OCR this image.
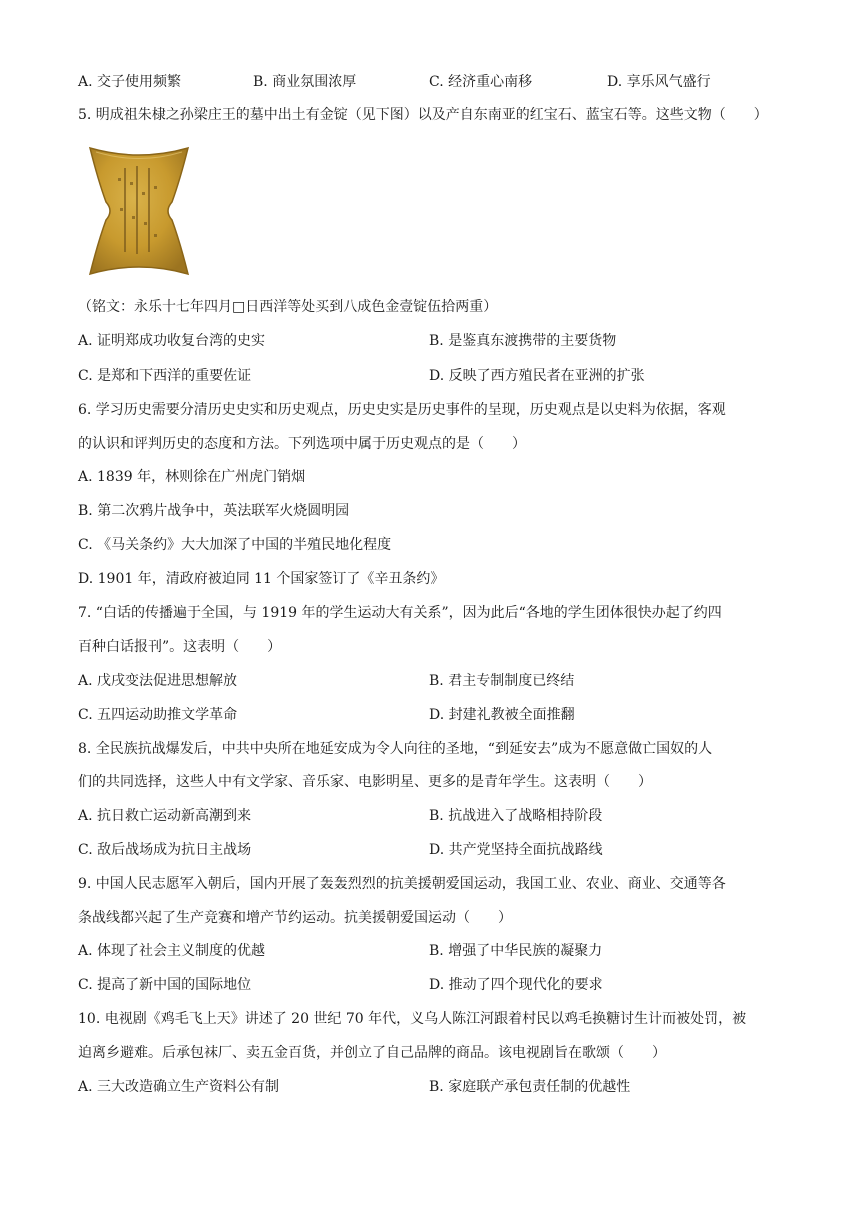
A. 交子使用频繁	B. 商业氛围浓厚	C. 经济重心南移	D. 享乐风气盛行
5. 明成祖朱棣之孙梁庄王的墓中出土有金锭（见下图）以及产自东南亚的红宝石、蓝宝石等。这些文物（　　）
（铭文：永乐十七年四月□日西洋等处买到八成色金壹锭伍拾两重）
A. 证明郑成功收复台湾的史实	B. 是鉴真东渡携带的主要货物
C. 是郑和下西洋的重要佐证	D. 反映了西方殖民者在亚洲的扩张
6. 学习历史需要分清历史史实和历史观点，历史史实是历史事件的呈现，历史观点是以史料为依据，客观
的认识和评判历史的态度和方法。下列选项中属于历史观点的是（　　）
A. 1839 年，林则徐在广州虎门销烟
B. 第二次鸦片战争中，英法联军火烧圆明园
C. 《马关条约》大大加深了中国的半殖民地化程度
D. 1901 年，清政府被迫同 11 个国家签订了《辛丑条约》
7. “白话的传播遍于全国，与 1919 年的学生运动大有关系”，因为此后“各地的学生团体很快办起了约四
百种白话报刊”。这表明（　　）
A. 戊戌变法促进思想解放	B. 君主专制制度已终结
C. 五四运动助推文学革命	D. 封建礼教被全面推翻
8. 全民族抗战爆发后，中共中央所在地延安成为令人向往的圣地，“到延安去”成为不愿意做亡国奴的人
们的共同选择，这些人中有文学家、音乐家、电影明星、更多的是青年学生。这表明（　　）
A. 抗日救亡运动新高潮到来	B. 抗战进入了战略相持阶段
C. 敌后战场成为抗日主战场	D. 共产党坚持全面抗战路线
9. 中国人民志愿军入朝后，国内开展了轰轰烈烈的抗美援朝爱国运动，我国工业、农业、商业、交通等各
条战线都兴起了生产竞赛和增产节约运动。抗美援朝爱国运动（　　）
A. 体现了社会主义制度的优越	B. 增强了中华民族的凝聚力
C. 提高了新中国的国际地位	D. 推动了四个现代化的要求
10. 电视剧《鸡毛飞上天》讲述了 20 世纪 70 年代，义乌人陈江河跟着村民以鸡毛换糖讨生计而被处罚，被
迫离乡避难。后承包袜厂、卖五金百货，并创立了自己品牌的商品。该电视剧旨在歌颂（　　）
A. 三大改造确立生产资料公有制	B. 家庭联产承包责任制的优越性
